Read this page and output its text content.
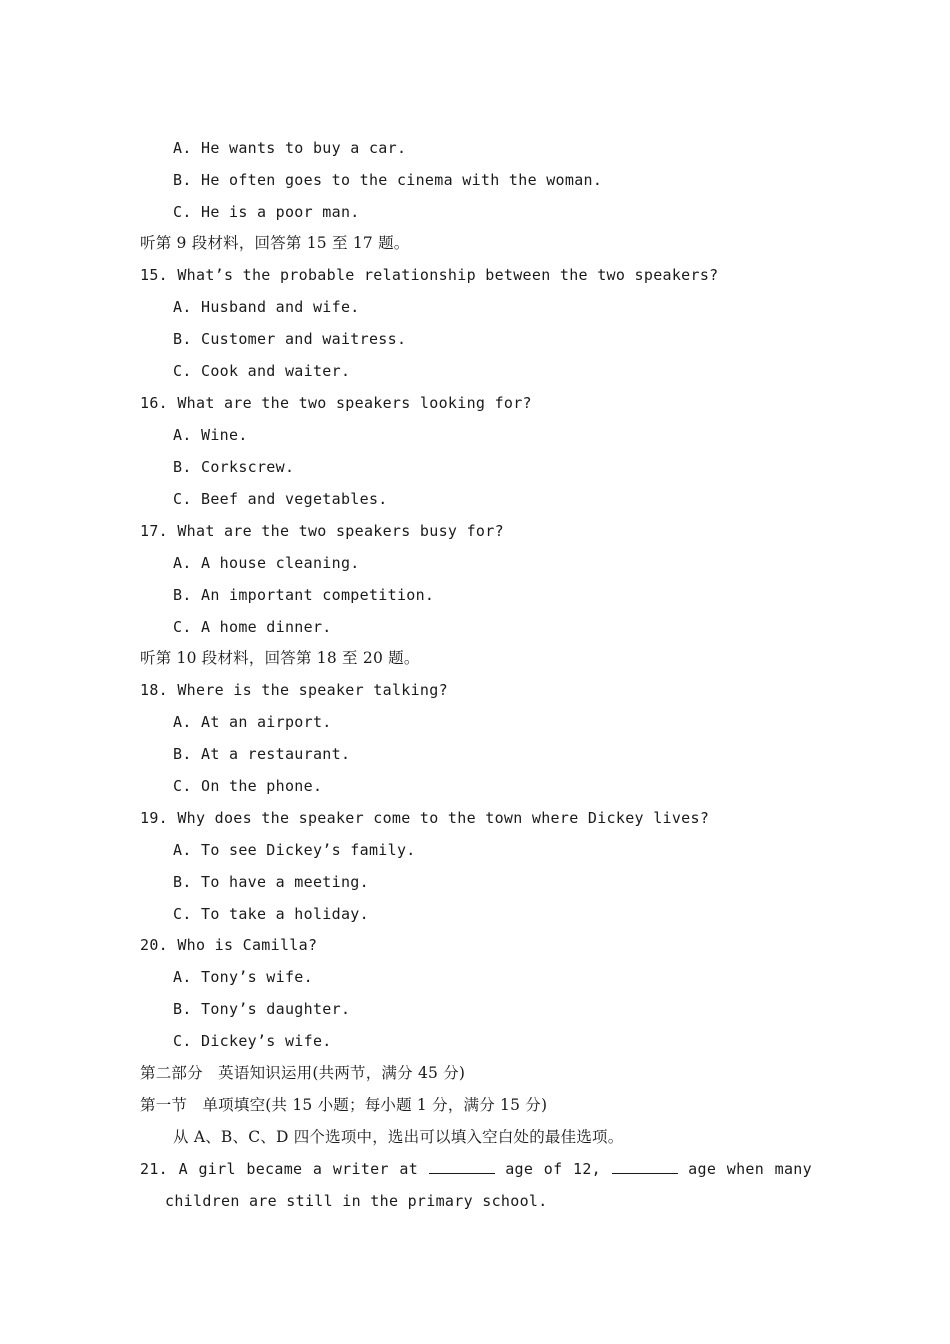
A. He wants to buy a car.
B. He often goes to the cinema with the woman.
C. He is a poor man.
听第 9 段材料，回答第 15 至 17 题。
15. What’s the probable relationship between the two speakers?
A. Husband and wife.
B. Customer and waitress.
C. Cook and waiter.
16. What are the two speakers looking for?
A. Wine.
B. Corkscrew.
C. Beef and vegetables.
17. What are the two speakers busy for?
A. A house cleaning.
B. An important competition.
C. A home dinner.
听第 10 段材料，回答第 18 至 20 题。
18. Where is the speaker talking?
A. At an airport.
B. At a restaurant.
C. On the phone.
19. Why does the speaker come to the town where Dickey lives?
A. To see Dickey’s family.
B. To have a meeting.
C. To take a holiday.
20. Who is Camilla?
A. Tony’s wife.
B. Tony’s daughter.
C. Dickey’s wife.
第二部分   英语知识运用(共两节，满分 45 分)
第一节   单项填空(共 15 小题；每小题 1 分，满分 15 分)
从 A、B、C、D 四个选项中，选出可以填入空白处的最佳选项。
21. A girl became a writer at	age of 12,	age when many
children are still in the primary school.
